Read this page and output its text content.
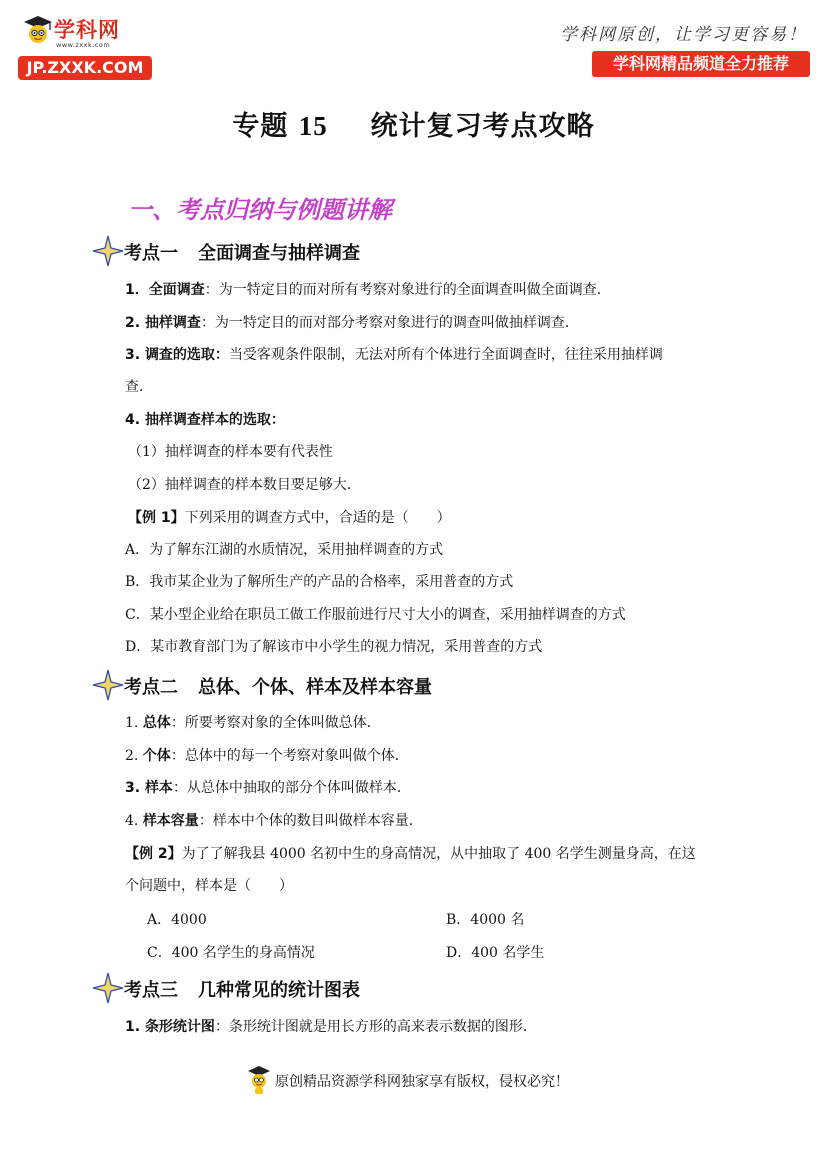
学科网
www.zxxk.com
JP.ZXXK.COM
学科网原创，让学习更容易！
学科网精品频道全力推荐
专题 15 统计复习考点攻略
一、考点归纳与例题讲解
考点一 全面调查与抽样调查
1．全面调查：为一特定目的而对所有考察对象进行的全面调查叫做全面调查．
2. 抽样调查：为一特定目的而对部分考察对象进行的调查叫做抽样调查．
3. 调查的选取：当受客观条件限制，无法对所有个体进行全面调查时，往往采用抽样调
查．
4. 抽样调查样本的选取：
（1）抽样调查的样本要有代表性
（2）抽样调查的样本数目要足够大．
【例 1】下列采用的调查方式中，合适的是（　　）
A．为了解东江湖的水质情况，采用抽样调查的方式
B．我市某企业为了解所生产的产品的合格率，采用普查的方式
C．某小型企业给在职员工做工作服前进行尺寸大小的调查，采用抽样调查的方式
D．某市教育部门为了解该市中小学生的视力情况，采用普查的方式
考点二 总体、个体、样本及样本容量
1. 总体：所要考察对象的全体叫做总体．
2. 个体：总体中的每一个考察对象叫做个体．
3. 样本：从总体中抽取的部分个体叫做样本．
4. 样本容量：样本中个体的数目叫做样本容量．
【例 2】为了了解我县 4000 名初中生的身高情况，从中抽取了 400 名学生测量身高，在这
个问题中，样本是（　　）
A．4000	B．4000 名
C．400 名学生的身高情况	D．400 名学生
考点三 几种常见的统计图表
1. 条形统计图：条形统计图就是用长方形的高来表示数据的图形．
原创精品资源学科网独家享有版权，侵权必究！
